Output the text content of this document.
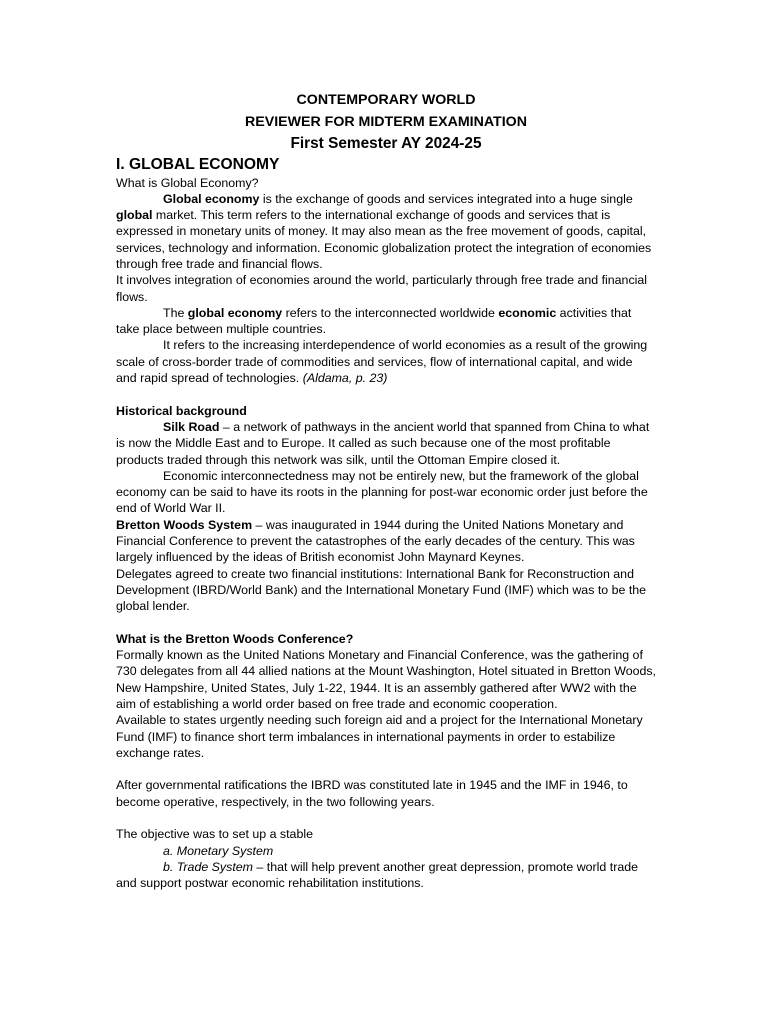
CONTEMPORARY WORLD
REVIEWER FOR MIDTERM EXAMINATION
First Semester AY 2024-25
I. GLOBAL ECONOMY

What is Global Economy?

Global economy is the exchange of goods and services integrated into a huge single global market. This term refers to the international exchange of goods and services that is expressed in monetary units of money. It may also mean as the free movement of goods, capital, services, technology and information. Economic globalization protect the integration of economies through free trade and financial flows.

It involves integration of economies around the world, particularly through free trade and financial flows.

The global economy refers to the interconnected worldwide economic activities that take place between multiple countries.

It refers to the increasing interdependence of world economies as a result of the growing scale of cross-border trade of commodities and services, flow of international capital, and wide and rapid spread of technologies. (Aldama, p. 23)

Historical background

Silk Road – a network of pathways in the ancient world that spanned from China to what is now the Middle East and to Europe. It called as such because one of the most profitable products traded through this network was silk, until the Ottoman Empire closed it.

Economic interconnectedness may not be entirely new, but the framework of the global economy can be said to have its roots in the planning for post-war economic order just before the end of World War II.

Bretton Woods System – was inaugurated in 1944 during the United Nations Monetary and Financial Conference to prevent the catastrophes of the early decades of the century. This was largely influenced by the ideas of British economist John Maynard Keynes.

Delegates agreed to create two financial institutions: International Bank for Reconstruction and Development (IBRD/World Bank) and the International Monetary Fund (IMF) which was to be the global lender.

What is the Bretton Woods Conference?

Formally known as the United Nations Monetary and Financial Conference, was the gathering of 730 delegates from all 44 allied nations at the Mount Washington, Hotel situated in Bretton Woods, New Hampshire, United States, July 1-22, 1944. It is an assembly gathered after WW2 with the aim of establishing a world order based on free trade and economic cooperation.

Available to states urgently needing such foreign aid and a project for the International Monetary Fund (IMF) to finance short term imbalances in international payments in order to estabilize exchange rates.

After governmental ratifications the IBRD was constituted late in 1945 and the IMF in 1946, to become operative, respectively, in the two following years.

The objective was to set up a stable

a. Monetary System

b. Trade System – that will help prevent another great depression, promote world trade and support postwar economic rehabilitation institutions.
